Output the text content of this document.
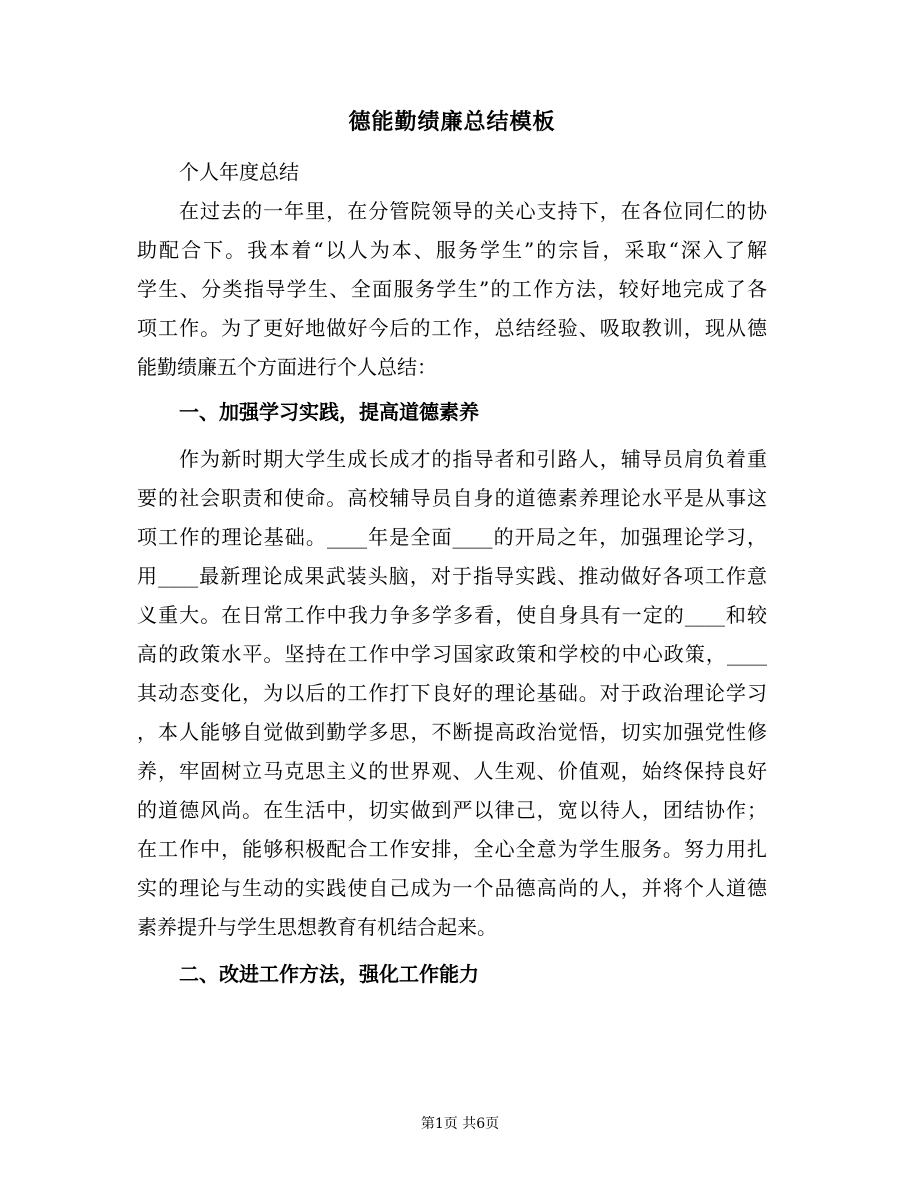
德能勤绩廉总结模板

个人年度总结

在过去的一年里，在分管院领导的关心支持下，在各位同仁的协

助配合下。我本着“以人为本、服务学生”的宗旨，采取“深入了解

学生、分类指导学生、全面服务学生”的工作方法，较好地完成了各

项工作。为了更好地做好今后的工作，总结经验、吸取教训，现从德

能勤绩廉五个方面进行个人总结：

一、加强学习实践，提高道德素养

作为新时期大学生成长成才的指导者和引路人，辅导员肩负着重

要的社会职责和使命。高校辅导员自身的道德素养理论水平是从事这

项工作的理论基础。____年是全面____的开局之年，加强理论学习，

用____最新理论成果武装头脑，对于指导实践、推动做好各项工作意

义重大。在日常工作中我力争多学多看，使自身具有一定的____和较

高的政策水平。坚持在工作中学习国家政策和学校的中心政策，____

其动态变化，为以后的工作打下良好的理论基础。对于政治理论学习

，本人能够自觉做到勤学多思，不断提高政治觉悟，切实加强党性修

养，牢固树立马克思主义的世界观、人生观、价值观，始终保持良好

的道德风尚。在生活中，切实做到严以律己，宽以待人，团结协作；

在工作中，能够积极配合工作安排，全心全意为学生服务。努力用扎

实的理论与生动的实践使自己成为一个品德高尚的人，并将个人道德

素养提升与学生思想教育有机结合起来。

二、改进工作方法，强化工作能力
第1页 共6页
